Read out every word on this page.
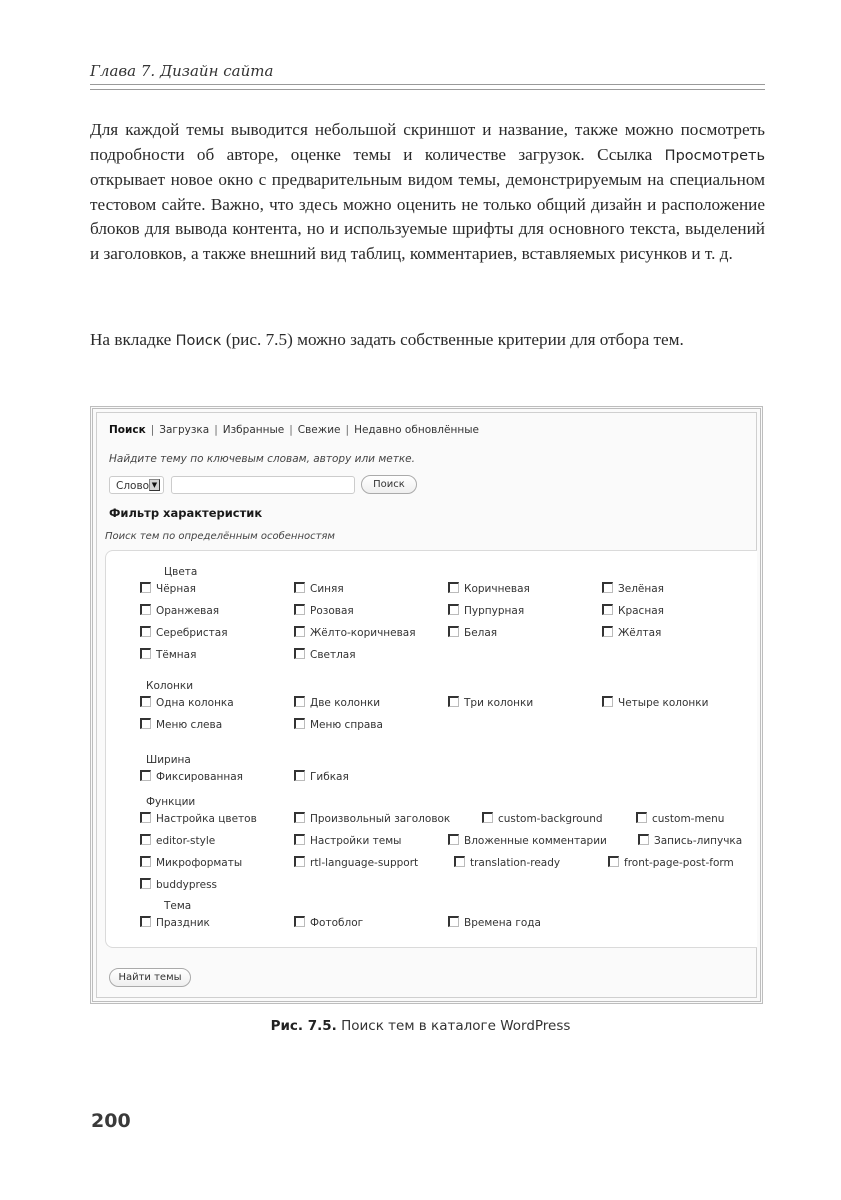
Глава 7. Дизайн сайта
Для каждой темы выводится небольшой скриншот и название, также можно посмотреть подробности об авторе, оценке темы и количестве загрузок. Ссылка Просмотреть открывает новое окно с предварительным видом темы, демонстрируемым на специальном тестовом сайте. Важно, что здесь можно оценить не только общий дизайн и расположение блоков для вывода контента, но и используемые шрифты для основного текста, выделений и заголовков, а также внешний вид таблиц, комментариев, вставляемых рисунков и т. д.
На вкладке Поиск (рис. 7.5) можно задать собственные критерии для отбора тем.
Поиск | Загрузка | Избранные | Свежие | Недавно обновлённые
Найдите тему по ключевым словам, автору или метке.
Слово ▼	Поиск
Фильтр характеристик
Поиск тем по определённым особенностям
Цвета
Чёрная	Синяя	Коричневая	Зелёная
Оранжевая	Розовая	Пурпурная	Красная
Серебристая	Жёлто-коричневая	Белая	Жёлтая
Тёмная	Светлая
Колонки
Одна колонка	Две колонки	Три колонки	Четыре колонки
Меню слева	Меню справа
Ширина
Фиксированная	Гибкая
Функции
Настройка цветов	Произвольный заголовок	custom-background	custom-menu
editor-style	Настройки темы	Вложенные комментарии	Запись-липучка
Микроформаты	rtl-language-support	translation-ready	front-page-post-form
buddypress
Тема
Праздник	Фотоблог	Времена года
Найти темы
Рис. 7.5. Поиск тем в каталоге WordPress
200
